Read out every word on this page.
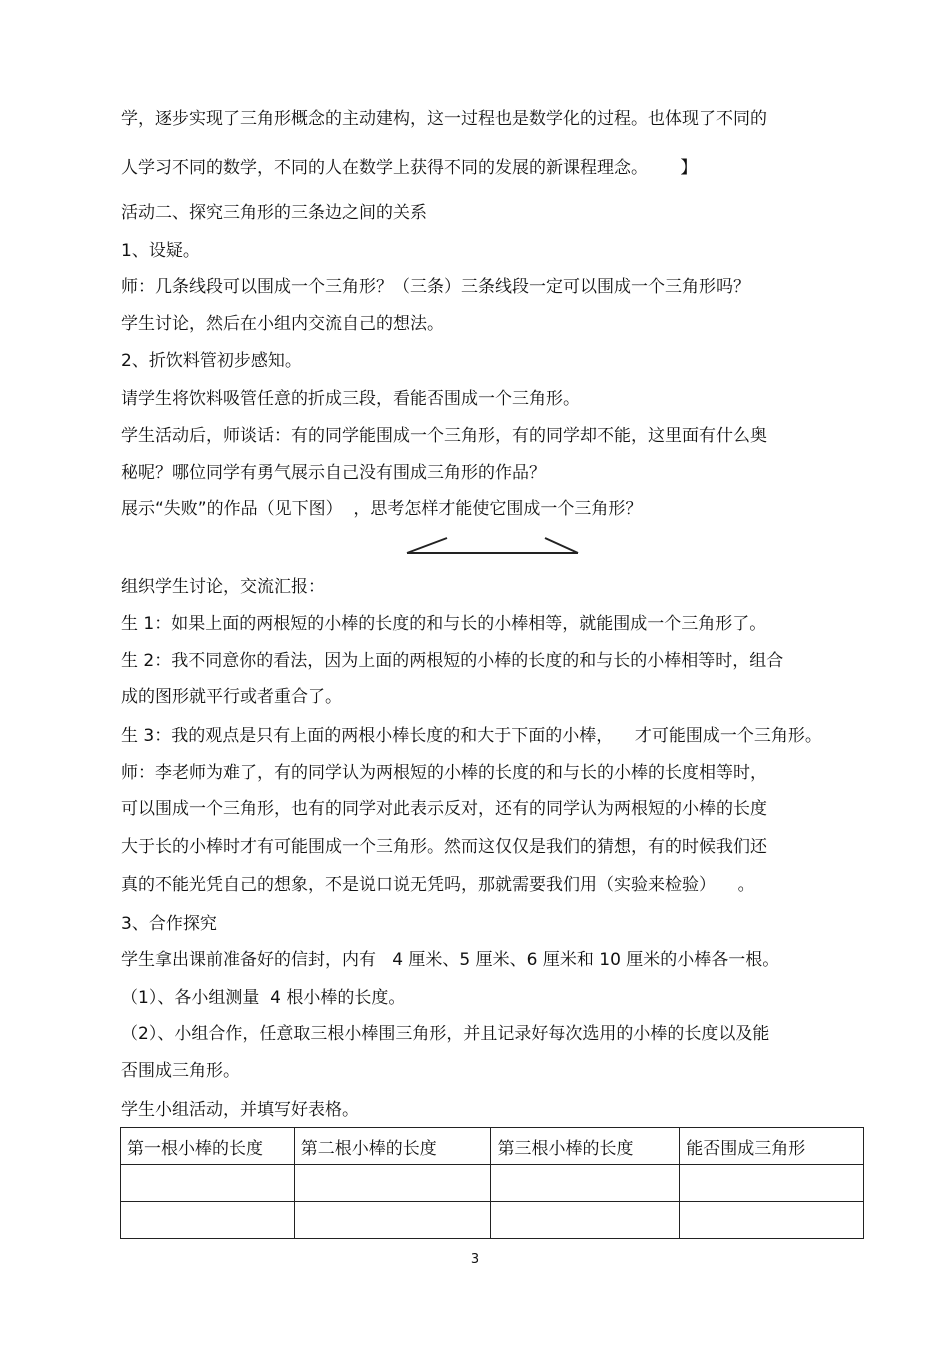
学，逐步实现了三角形概念的主动建构，这一过程也是数学化的过程。也体现了不同的
人学习不同的数学，不同的人在数学上获得不同的发展的新课程理念。      】
活动二、探究三角形的三条边之间的关系
1、设疑。
师：几条线段可以围成一个三角形？（三条）三条线段一定可以围成一个三角形吗？
学生讨论，然后在小组内交流自己的想法。
2、折饮料管初步感知。
请学生将饮料吸管任意的折成三段，看能否围成一个三角形。
学生活动后，师谈话：有的同学能围成一个三角形，有的同学却不能，这里面有什么奥
秘呢？哪位同学有勇气展示自己没有围成三角形的作品？
展示“失败”的作品（见下图）  ，思考怎样才能使它围成一个三角形？
组织学生讨论，交流汇报：
生 1：如果上面的两根短的小棒的长度的和与长的小棒相等，就能围成一个三角形了。
生 2：我不同意你的看法，因为上面的两根短的小棒的长度的和与长的小棒相等时，组合
成的图形就平行或者重合了。
生 3：我的观点是只有上面的两根小棒长度的和大于下面的小棒，    才可能围成一个三角形。
师：李老师为难了，有的同学认为两根短的小棒的长度的和与长的小棒的长度相等时，
可以围成一个三角形，也有的同学对此表示反对，还有的同学认为两根短的小棒的长度
大于长的小棒时才有可能围成一个三角形。然而这仅仅是我们的猜想，有的时候我们还
真的不能光凭自己的想象，不是说口说无凭吗，那就需要我们用（实验来检验）    。
3、合作探究
学生拿出课前准备好的信封，内有   4 厘米、5 厘米、6 厘米和 10 厘米的小棒各一根。
（1）、各小组测量  4 根小棒的长度。
（2）、小组合作，任意取三根小棒围三角形，并且记录好每次选用的小棒的长度以及能
否围成三角形。
学生小组活动，并填写好表格。
第一根小棒的长度	第二根小棒的长度	第三根小棒的长度	能否围成三角形

3
